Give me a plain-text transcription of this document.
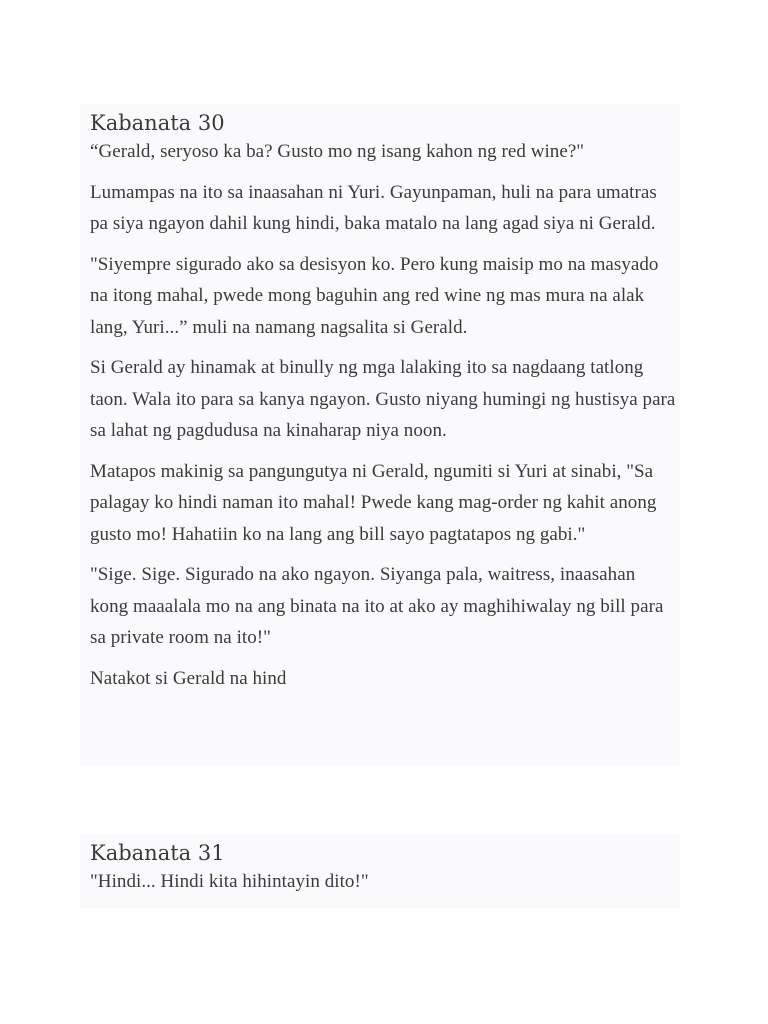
Kabanata 30

“Gerald, seryoso ka ba? Gusto mo ng isang kahon ng red wine?"

Lumampas na ito sa inaasahan ni Yuri. Gayunpaman, huli na para umatras pa siya ngayon dahil kung hindi, baka matalo na lang agad siya ni Gerald.

"Siyempre sigurado ako sa desisyon ko. Pero kung maisip mo na masyado na itong mahal, pwede mong baguhin ang red wine ng mas mura na alak lang, Yuri...” muli na namang nagsalita si Gerald.

Si Gerald ay hinamak at binully ng mga lalaking ito sa nagdaang tatlong taon. Wala ito para sa kanya ngayon. Gusto niyang humingi ng hustisya para sa lahat ng pagdudusa na kinaharap niya noon.

Matapos makinig sa pangungutya ni Gerald, ngumiti si Yuri at sinabi, "Sa palagay ko hindi naman ito mahal! Pwede kang mag-order ng kahit anong gusto mo! Hahatiin ko na lang ang bill sayo pagtatapos ng gabi."

"Sige. Sige. Sigurado na ako ngayon. Siyanga pala, waitress, inaasahan kong maaalala mo na ang binata na ito at ako ay maghihiwalay ng bill para sa private room na ito!"

Natakot si Gerald na hind

Kabanata 31

"Hindi... Hindi kita hihintayin dito!"
